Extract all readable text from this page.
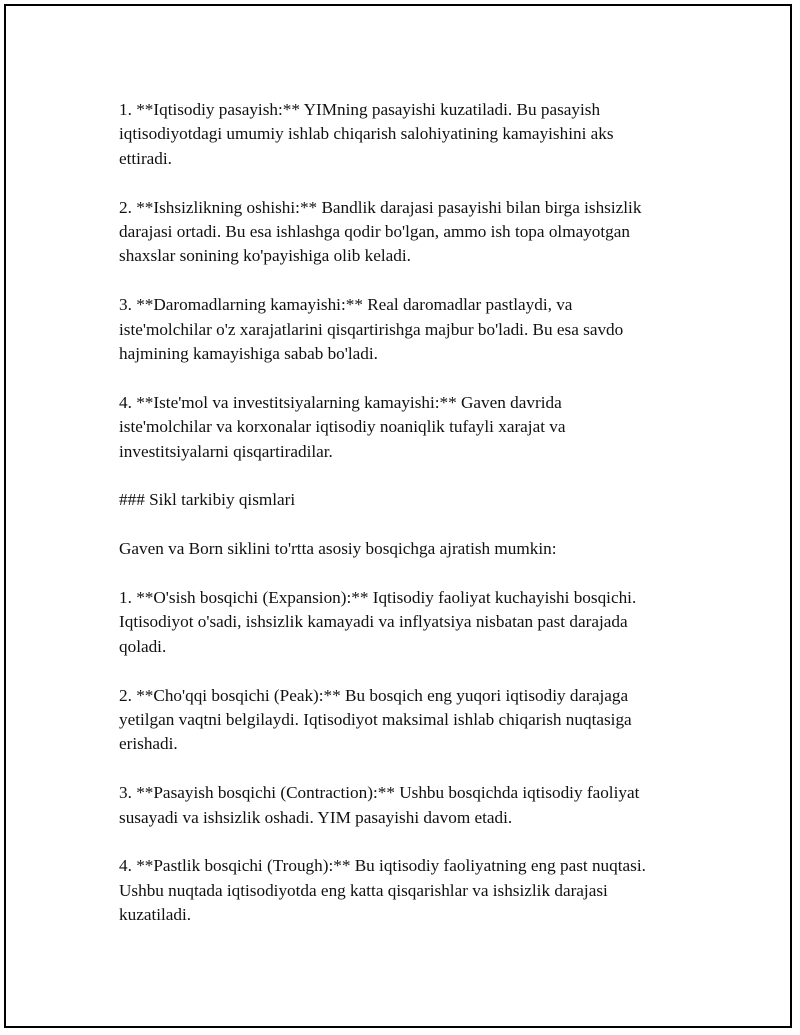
1. **Iqtisodiy pasayish:** YIMning pasayishi kuzatiladi. Bu pasayish
iqtisodiyotdagi umumiy ishlab chiqarish salohiyatining kamayishini aks
ettiradi.
2. **Ishsizlikning oshishi:** Bandlik darajasi pasayishi bilan birga ishsizlik
darajasi ortadi. Bu esa ishlashga qodir bo'lgan, ammo ish topa olmayotgan
shaxslar sonining ko'payishiga olib keladi.
3. **Daromadlarning kamayishi:** Real daromadlar pastlaydi, va
iste'molchilar o'z xarajatlarini qisqartirishga majbur bo'ladi. Bu esa savdo
hajmining kamayishiga sabab bo'ladi.
4. **Iste'mol va investitsiyalarning kamayishi:** Gaven davrida
iste'molchilar va korxonalar iqtisodiy noaniqlik tufayli xarajat va
investitsiyalarni qisqartiradilar.
### Sikl tarkibiy qismlari
Gaven va Born siklini to'rtta asosiy bosqichga ajratish mumkin:
1. **O'sish bosqichi (Expansion):** Iqtisodiy faoliyat kuchayishi bosqichi.
Iqtisodiyot o'sadi, ishsizlik kamayadi va inflyatsiya nisbatan past darajada
qoladi.
2. **Cho'qqi bosqichi (Peak):** Bu bosqich eng yuqori iqtisodiy darajaga
yetilgan vaqtni belgilaydi. Iqtisodiyot maksimal ishlab chiqarish nuqtasiga
erishadi.
3. **Pasayish bosqichi (Contraction):** Ushbu bosqichda iqtisodiy faoliyat
susayadi va ishsizlik oshadi. YIM pasayishi davom etadi.
4. **Pastlik bosqichi (Trough):** Bu iqtisodiy faoliyatning eng past nuqtasi.
Ushbu nuqtada iqtisodiyotda eng katta qisqarishlar va ishsizlik darajasi
kuzatiladi.
